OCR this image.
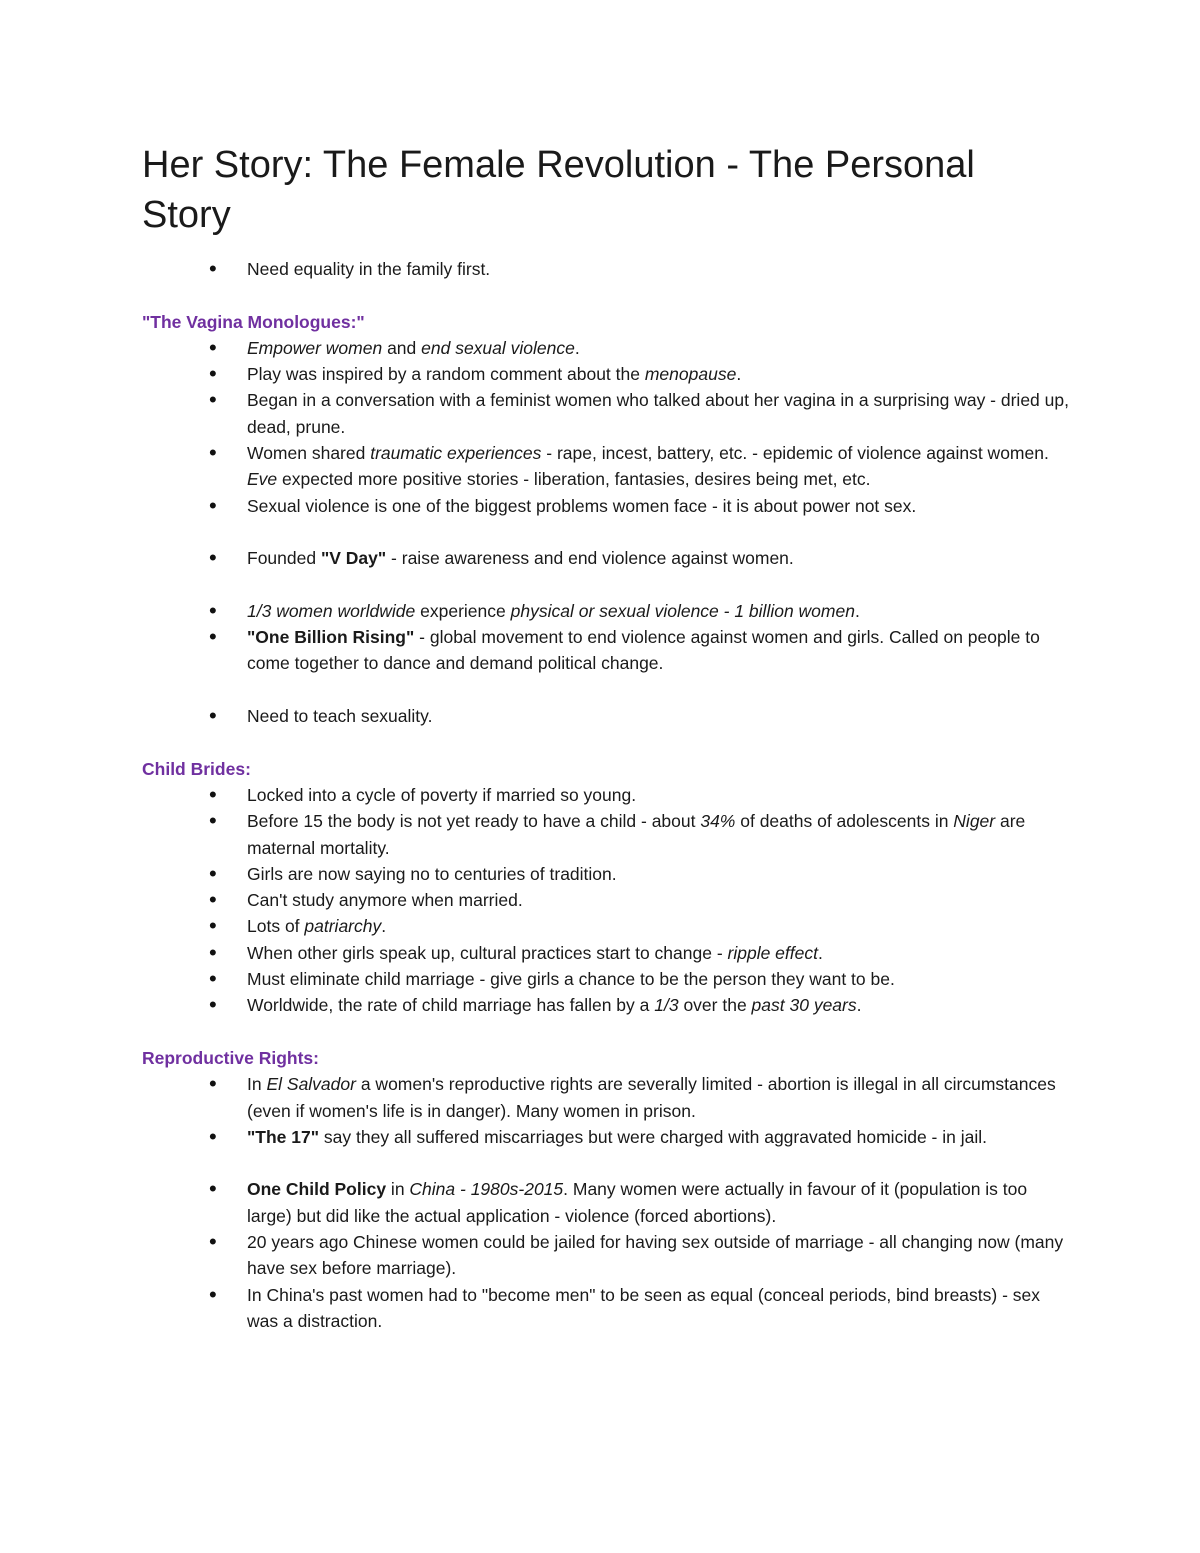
Her Story: The Female Revolution - The Personal Story
• Need equality in the family first.

"The Vagina Monologues:"

• Empower women and end sexual violence.
• Play was inspired by a random comment about the menopause.
• Began in a conversation with a feminist women who talked about her vagina in a surprising way - dried up, dead, prune.
• Women shared traumatic experiences - rape, incest, battery, etc. - epidemic of violence against women. Eve expected more positive stories - liberation, fantasies, desires being met, etc.
• Sexual violence is one of the biggest problems women face - it is about power not sex.
• Founded "V Day" - raise awareness and end violence against women.
• 1/3 women worldwide experience physical or sexual violence - 1 billion women.
• "One Billion Rising" - global movement to end violence against women and girls. Called on people to come together to dance and demand political change.
• Need to teach sexuality.

Child Brides:

• Locked into a cycle of poverty if married so young.
• Before 15 the body is not yet ready to have a child - about 34% of deaths of adolescents in Niger are maternal mortality.
• Girls are now saying no to centuries of tradition.
• Can't study anymore when married.
• Lots of patriarchy.
• When other girls speak up, cultural practices start to change - ripple effect.
• Must eliminate child marriage - give girls a chance to be the person they want to be.
• Worldwide, the rate of child marriage has fallen by a 1/3 over the past 30 years.

Reproductive Rights:

• In El Salvador a women's reproductive rights are severally limited - abortion is illegal in all circumstances (even if women's life is in danger). Many women in prison.
• "The 17" say they all suffered miscarriages but were charged with aggravated homicide - in jail.
• One Child Policy in China - 1980s-2015. Many women were actually in favour of it (population is too large) but did like the actual application - violence (forced abortions).
• 20 years ago Chinese women could be jailed for having sex outside of marriage - all changing now (many have sex before marriage).
• In China's past women had to "become men" to be seen as equal (conceal periods, bind breasts) - sex was a distraction.
